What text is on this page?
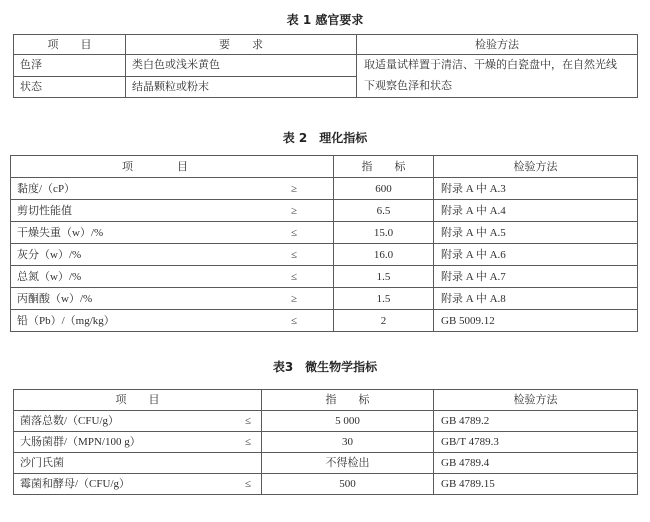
表 1 感官要求
项　　目	要　　求	检验方法
色泽	类白色或浅米黄色	取适量试样置于清洁、干燥的白瓷盘中，在自然光线下观察色泽和状态
状态	结晶颗粒或粉末	
表 2　理化指标
项　　　　目	指　　标	检验方法

黏度/（cP） ≥	600	附录 A 中 A.3

剪切性能值 ≥	6.5	附录 A 中 A.4

干燥失重（w）/% ≤	15.0	附录 A 中 A.5

灰分（w）/% ≤	16.0	附录 A 中 A.6

总氮（w）/% ≤	1.5	附录 A 中 A.7

丙酮酸（w）/% ≥	1.5	附录 A 中 A.8

铅（Pb）/（mg/kg） ≤	2	GB 5009.12
表3　微生物学指标
项　　目	指　　标	检验方法

菌落总数/（CFU/g） ≤	5 000	GB 4789.2

大肠菌群/（MPN/100 g） ≤	30	GB/T 4789.3

沙门氏菌	不得检出	GB 4789.4

霉菌和酵母/（CFU/g） ≤	500	GB 4789.15
